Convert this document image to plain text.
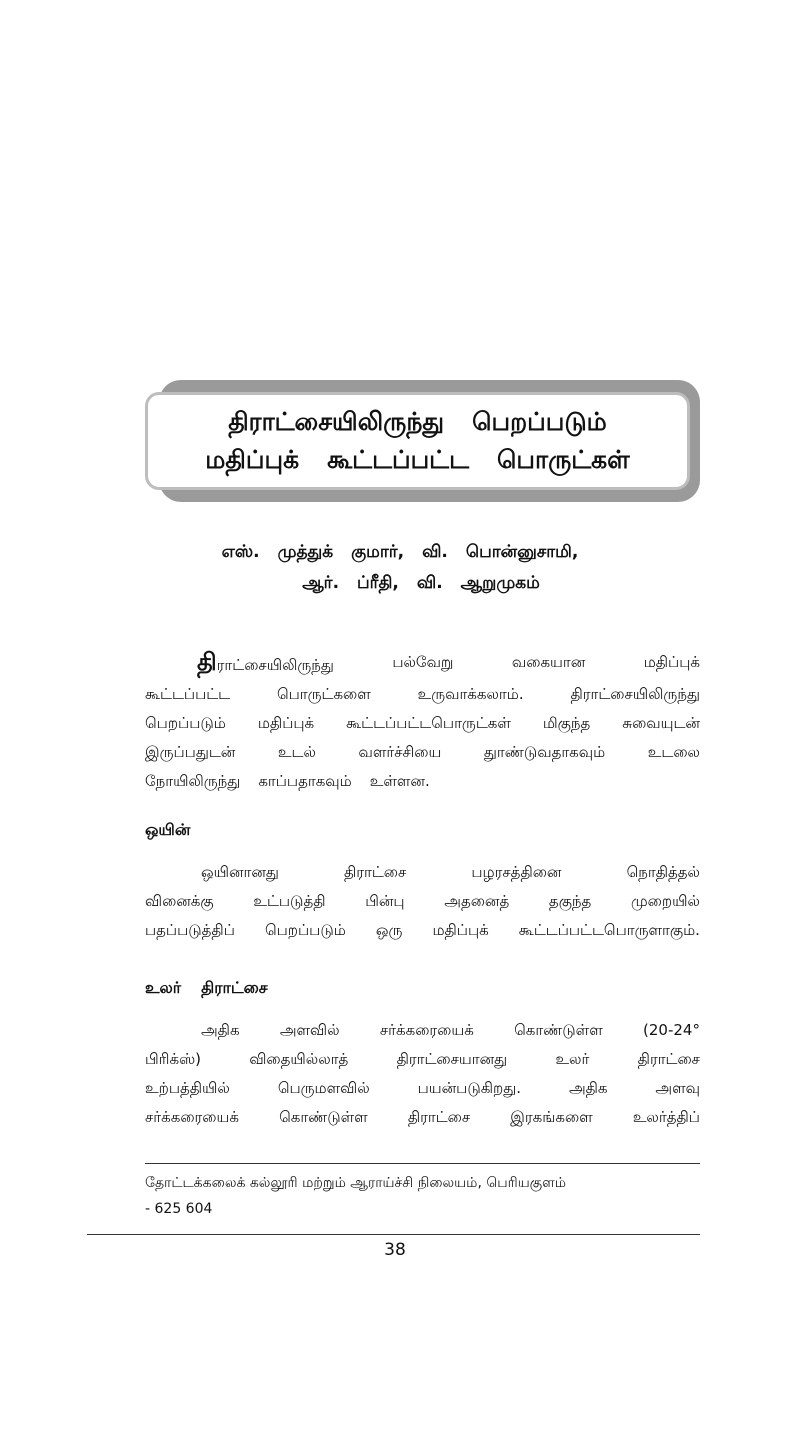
திராட்சையிலிருந்து பெறப்படும்
மதிப்புக் கூட்டப்பட்ட பொருட்கள்
எஸ். முத்துக் குமார், வி. பொன்னுசாமி,
ஆர். ப்ரீதி, வி. ஆறுமுகம்
திராட்சையிலிருந்து	பல்வேறு	வகையான	மதிப்புக்
கூட்டப்பட்ட	பொருட்களை	உருவாக்கலாம்.	திராட்சையிலிருந்து
பெறப்படும் மதிப்புக் கூட்டப்பட்டபொருட்கள் மிகுந்த சுவையுடன்
இருப்பதுடன்	உடல்	வளர்ச்சியை	துாண்டுவதாகவும்	உடலை
நோயிலிருந்து காப்பதாகவும் உள்ளன.
ஒயின்
ஒயினானது	திராட்சை	பழரசத்தினை	நொதித்தல்
வினைக்கு	உட்படுத்தி	பின்பு	அதனைத்	தகுந்த	முறையில்
பதப்படுத்திப் பெறப்படும் ஒரு மதிப்புக் கூட்டப்பட்டபொருளாகும்.
உலர் திராட்சை
அதிக	அளவில்	சர்க்கரையைக்	கொண்டுள்ள	(20-24°
பிரிக்ஸ்)	விதையில்லாத்	திராட்சையானது	உலர்	திராட்சை
உற்பத்தியில்	பெருமளவில்	பயன்படுகிறது.	அதிக	அளவு
சர்க்கரையைக்	கொண்டுள்ள	திராட்சை	இரகங்களை	உலர்த்திப்
தோட்டக்கலைக் கல்லூரி மற்றும் ஆராய்ச்சி நிலையம், பெரியகுளம்
- 625 604
38
